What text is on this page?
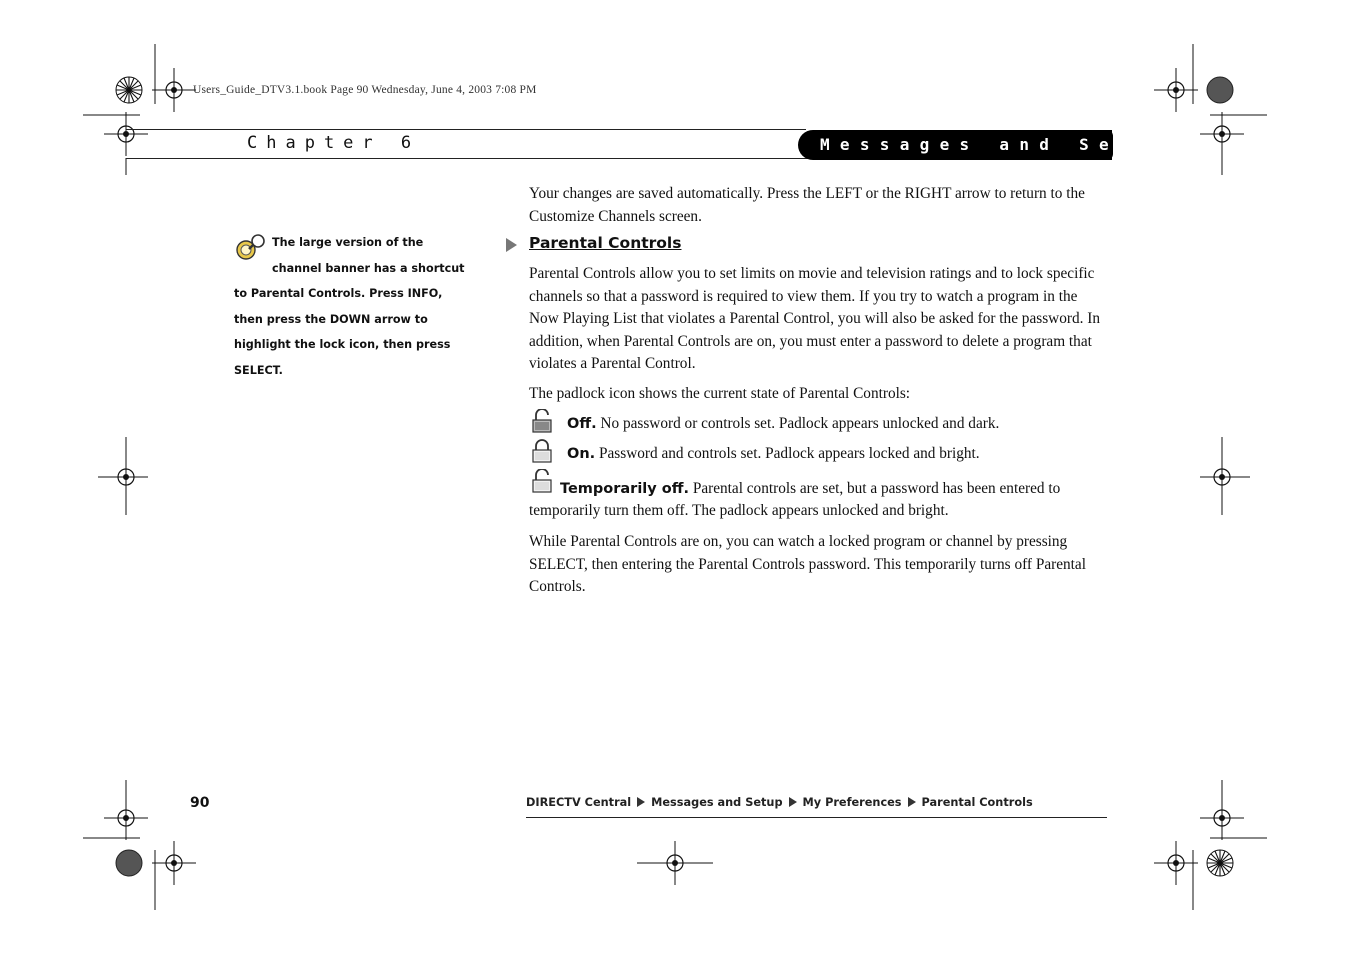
Users_Guide_DTV3.1.book Page 90 Wednesday, June 4, 2003 7:08 PM
Chapter 6	Messages and Setup
The large version of the channel banner has a shortcut to Parental Controls. Press INFO, then press the DOWN arrow to highlight the lock icon, then press SELECT.
Your changes are saved automatically. Press the LEFT or the RIGHT arrow to return to the Customize Channels screen.
Parental Controls
Parental Controls allow you to set limits on movie and television ratings and to lock specific channels so that a password is required to view them. If you try to watch a program in the Now Playing List that violates a Parental Control, you will also be asked for the password. In addition, when Parental Controls are on, you must enter a password to delete a program that violates a Parental Control.
The padlock icon shows the current state of Parental Controls:
Off. No password or controls set. Padlock appears unlocked and dark.
On. Password and controls set. Padlock appears locked and bright.
Temporarily off. Parental controls are set, but a password has been entered to temporarily turn them off. The padlock appears unlocked and bright.
While Parental Controls are on, you can watch a locked program or channel by pressing SELECT, then entering the Parental Controls password. This temporarily turns off Parental Controls.
90	DIRECTV Central Messages and Setup My Preferences Parental Controls
